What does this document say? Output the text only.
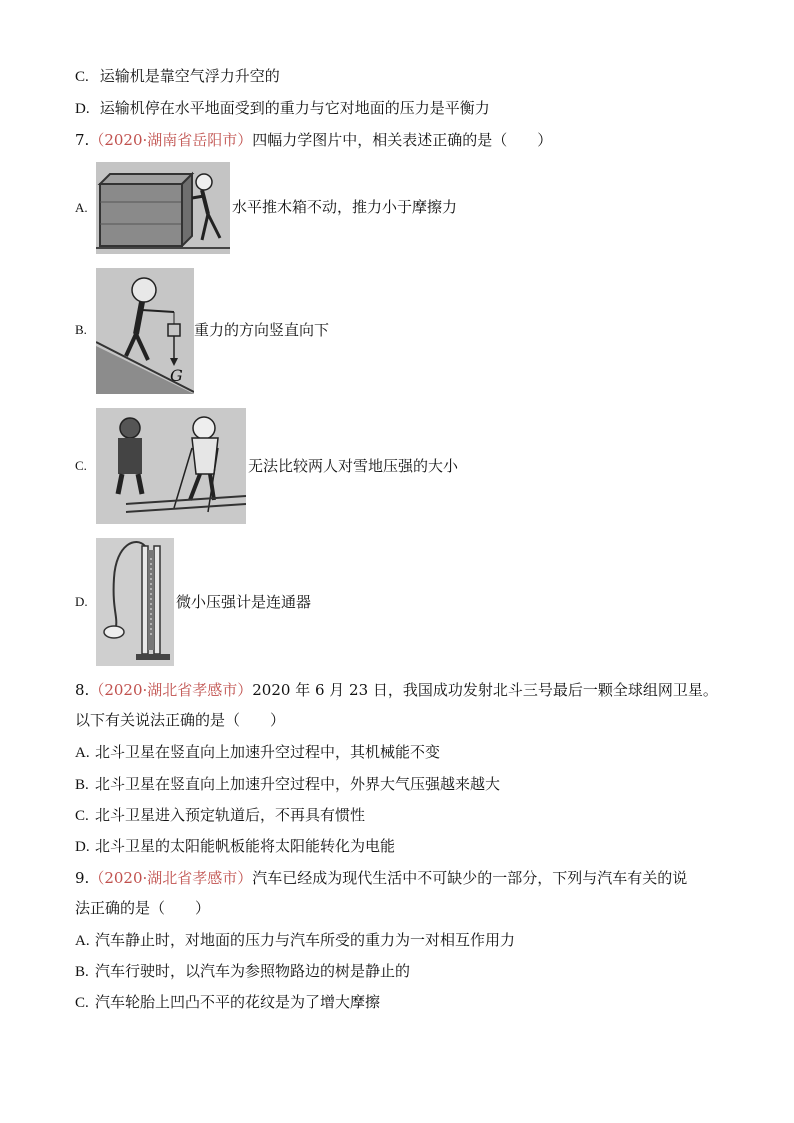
C. 运输机是靠空气浮力升空的
D. 运输机停在水平地面受到的重力与它对地面的压力是平衡力
7.（2020·湖南省岳阳市）四幅力学图片中，相关表述正确的是（　　）
A.	水平推木箱不动，推力小于摩擦力
B.
G
重力的方向竖直向下
C.	无法比较两人对雪地压强的大小
D.	微小压强计是连通器
8.（2020·湖北省孝感市）2020 年 6 月 23 日，我国成功发射北斗三号最后一颗全球组网卫星。
以下有关说法正确的是（　　）
A. 北斗卫星在竖直向上加速升空过程中，其机械能不变
B. 北斗卫星在竖直向上加速升空过程中，外界大气压强越来越大
C. 北斗卫星进入预定轨道后，不再具有惯性
D. 北斗卫星的太阳能帆板能将太阳能转化为电能
9.（2020·湖北省孝感市）汽车已经成为现代生活中不可缺少的一部分，下列与汽车有关的说
法正确的是（　　）
A. 汽车静止时，对地面的压力与汽车所受的重力为一对相互作用力
B. 汽车行驶时，以汽车为参照物路边的树是静止的
C. 汽车轮胎上凹凸不平的花纹是为了增大摩擦
